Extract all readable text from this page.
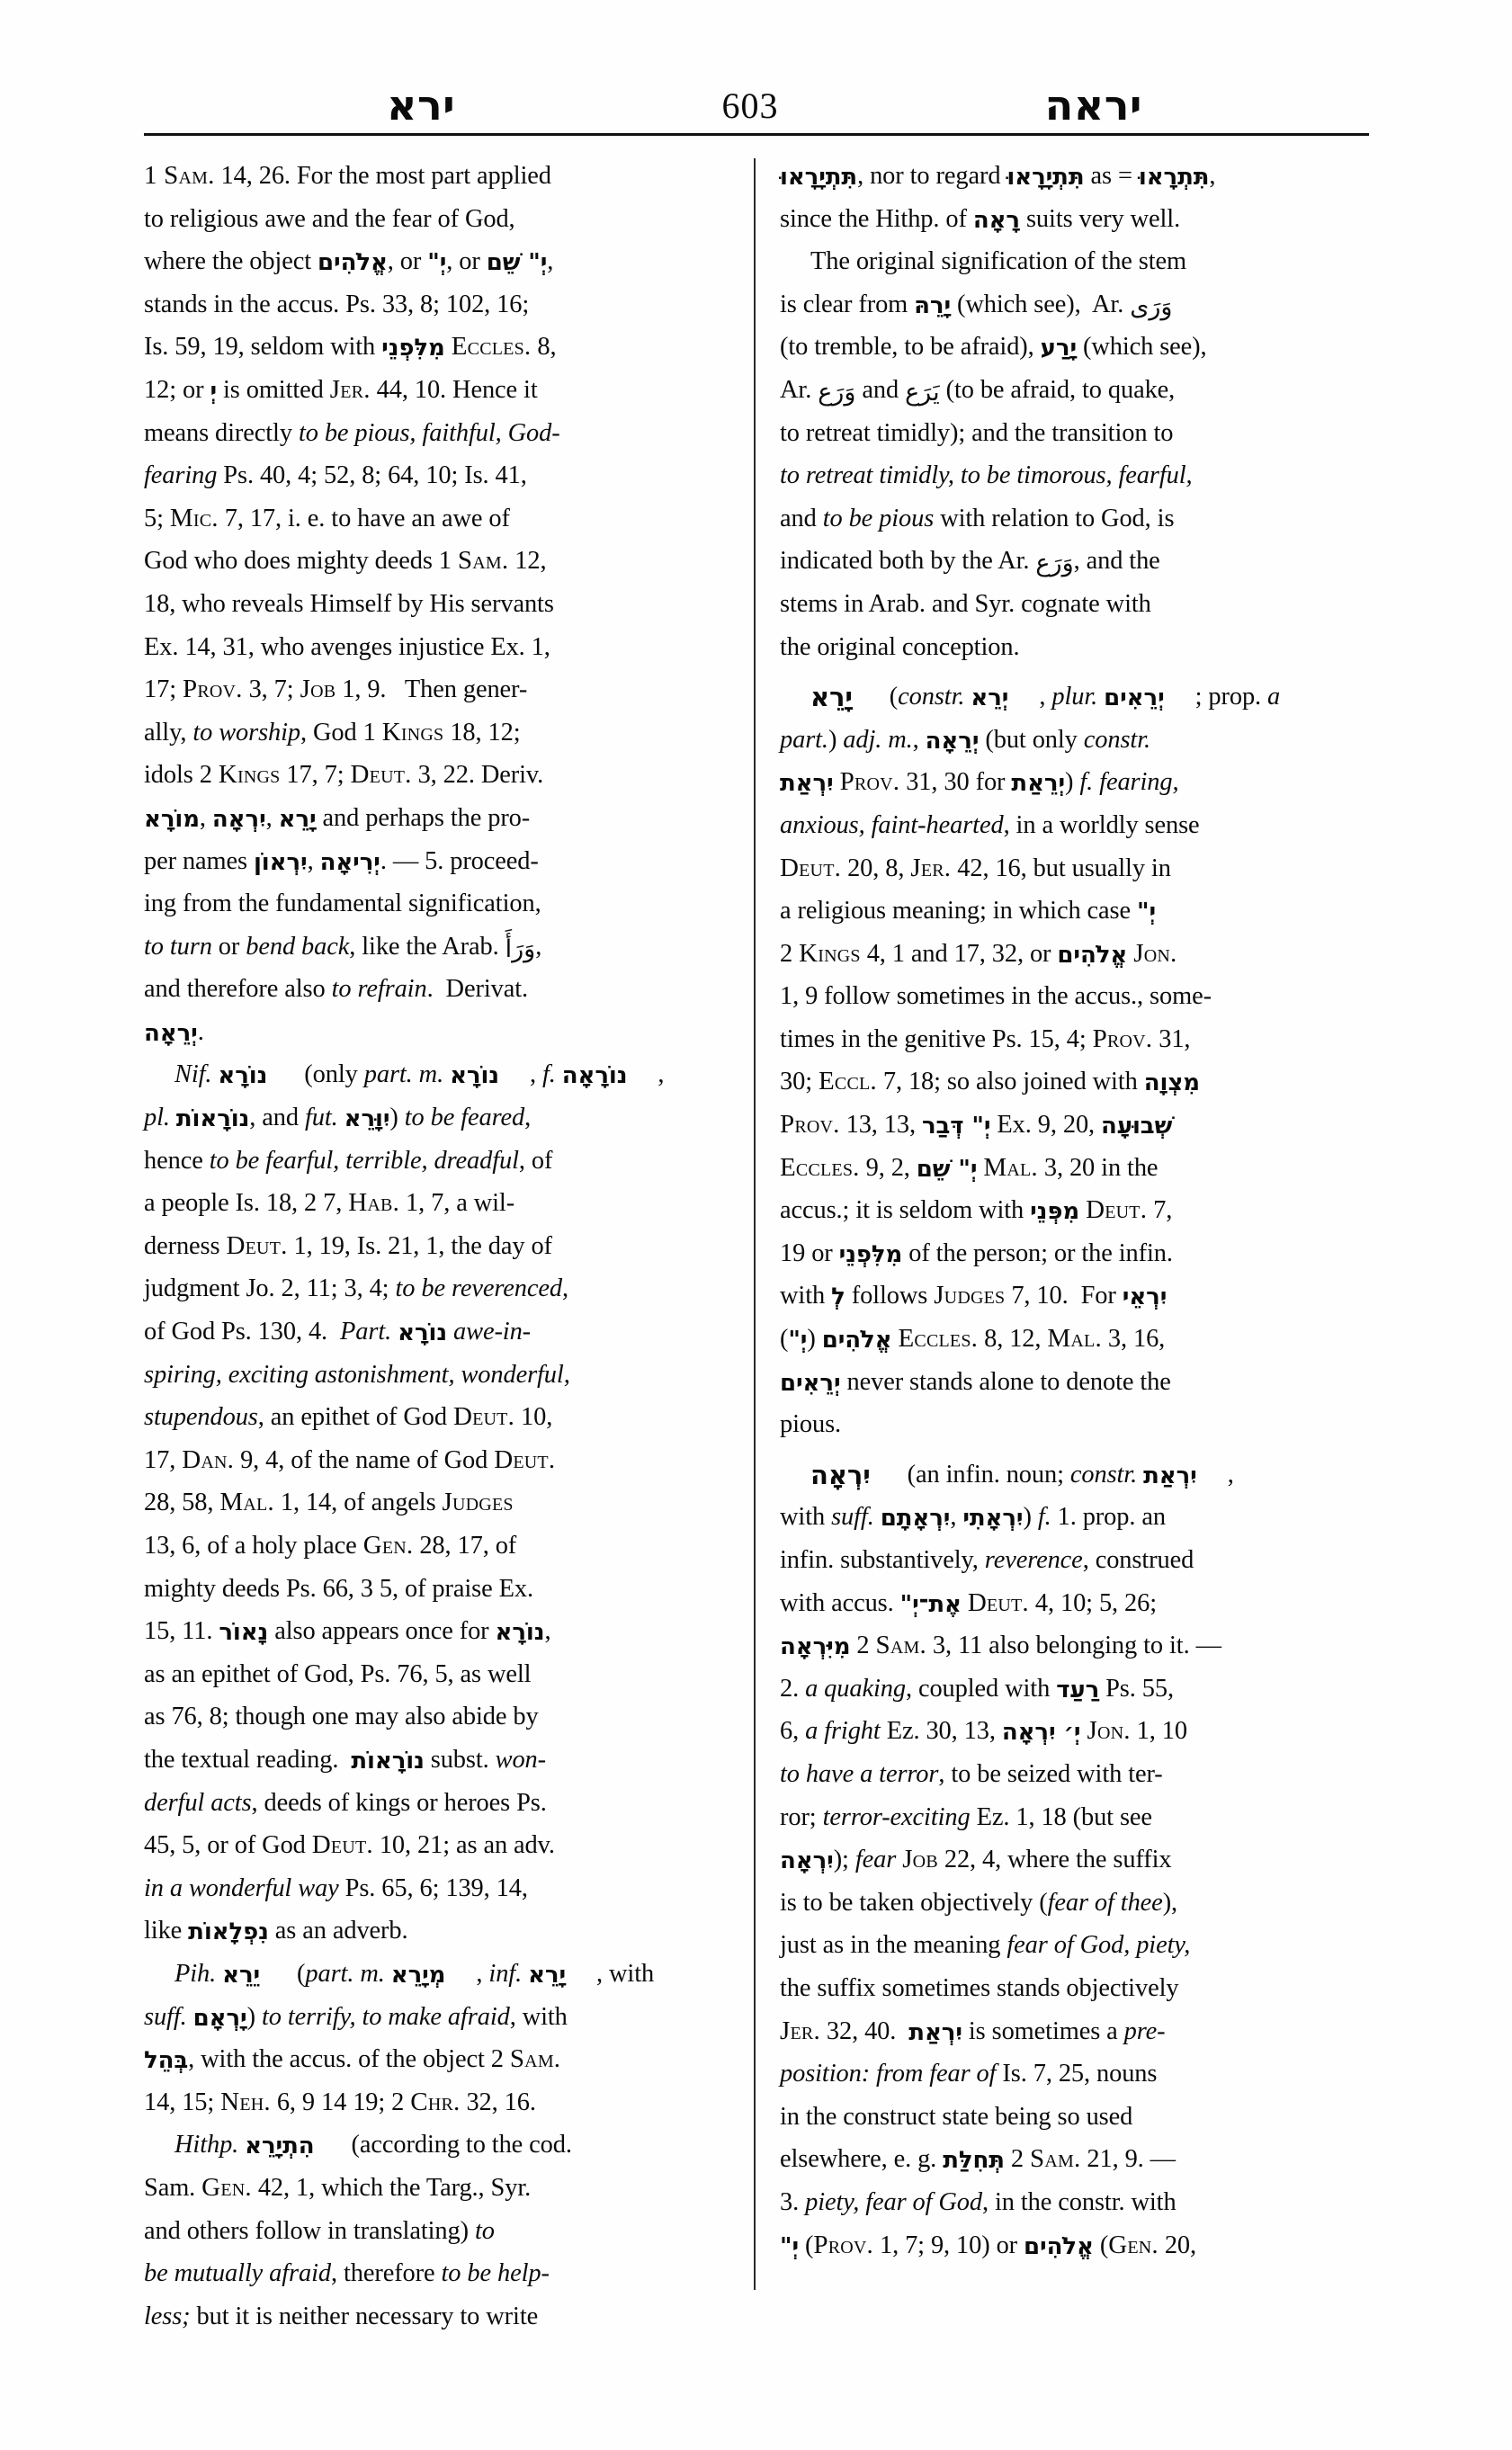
ירא	603	יראה
1 Sam. 14, 26. For the most part applied
to religious awe and the fear of God,
where the object אֱלֹהִים, or יְ", or יְ" שֵׁם,
stands in the accus. Ps. 33, 8; 102, 16;
Is. 59, 19, seldom with מִלִּפְנֵי Eccles. 8,
12; or יְ is omitted Jer. 44, 10. Hence it
means directly to be pious, faithful, God-
fearing Ps. 40, 4; 52, 8; 64, 10; Is. 41,
5; Mic. 7, 17, i. e. to have an awe of
God who does mighty deeds 1 Sam. 12,
18, who reveals Himself by His servants
Ex. 14, 31, who avenges injustice Ex. 1,
17; Prov. 3, 7; Job 1, 9.   Then gener-
ally, to worship, God 1 Kings 18, 12;
idols 2 Kings 17, 7; Deut. 3, 22. Deriv.
מוֹרָא, יִרְאָה, יָרֵא and perhaps the pro-
per names יִרְאוֹן, יְרִיאָה. — 5. proceed-
ing from the fundamental signification,
to turn or bend back, like the Arab. وَرَأَ,
and therefore also to refrain.  Derivat.
יְרֵאָה.
Nif. נוֹרָא (only part. m. נוֹרָא , f. נוֹרָאָה ,
pl. נוֹרָאוֹת, and fut. יִוָּרֵא) to be feared,
hence to be fearful, terrible, dreadful, of
a people Is. 18, 2 7, Hab. 1, 7, a wil-
derness Deut. 1, 19, Is. 21, 1, the day of
judgment Jo. 2, 11; 3, 4; to be reverenced,
of God Ps. 130, 4.  Part. נוֹרָא awe-in-
spiring, exciting astonishment, wonderful,
stupendous, an epithet of God Deut. 10,
17, Dan. 9, 4, of the name of God Deut.
28, 58, Mal. 1, 14, of angels Judges
13, 6, of a holy place Gen. 28, 17, of
mighty deeds Ps. 66, 3 5, of praise Ex.
15, 11. נָאוֹר also appears once for נוֹרָא,
as an epithet of God, Ps. 76, 5, as well
as 76, 8; though one may also abide by
the textual reading.  נוֹרָאוֹת subst. won-
derful acts, deeds of kings or heroes Ps.
45, 5, or of God Deut. 10, 21; as an adv.
in a wonderful way Ps. 65, 6; 139, 14,
like נִפְלָאוֹת as an adverb.
Pih. יֵרֵא (part. m. מְיָרֵא , inf. יָרֵא , with
suff. יָרְאָם) to terrify, to make afraid, with
בְּהֵל, with the accus. of the object 2 Sam.
14, 15; Neh. 6, 9 14 19; 2 Chr. 32, 16.
Hithp. הִתְיָרֵא (according to the cod.
Sam. Gen. 42, 1, which the Targ., Syr.
and others follow in translating) to
be mutually afraid, therefore to be help-
less; but it is neither necessary to write
תִּתְיָרָאוּ, nor to regard תִּתְיָרָאוּ as = תִּתְרָאוּ,
since the Hithp. of רָאָה suits very well.
The original signification of the stem
is clear from יָרֵהּ (which see),  Ar. وَرَى
(to tremble, to be afraid), יָרַע (which see),
Ar. وَرَع and يَرَع (to be afraid, to quake,
to retreat timidly); and the transition to
to retreat timidly, to be timorous, fearful,
and to be pious with relation to God, is
indicated both by the Ar. وَرَع, and the
stems in Arab. and Syr. cognate with
the original conception.
יָרֵא (constr. יְרֵא , plur. יְרֵאִים ; prop. a
part.) adj. m., יְרֵאָה (but only constr.
יִרְאַת Prov. 31, 30 for יְרֵאַת) f. fearing,
anxious, faint-hearted, in a worldly sense
Deut. 20, 8, Jer. 42, 16, but usually in
a religious meaning; in which case יְ"
2 Kings 4, 1 and 17, 32, or אֱלֹהִים Jon.
1, 9 follow sometimes in the accus., some-
times in the genitive Ps. 15, 4; Prov. 31,
30; Eccl. 7, 18; so also joined with מִצְוָה
Prov. 13, 13, יְ" דְּבַר Ex. 9, 20, שְׁבוּעָה
Eccles. 9, 2, יְ" שֵׁם Mal. 3, 20 in the
accus.; it is seldom with מִפְּנֵי Deut. 7,
19 or מִלִּפְנֵי of the person; or the infin.
with לְ follows Judges 7, 10.  For יִרְאֵי
(יְ") אֱלֹהִים Eccles. 8, 12, Mal. 3, 16,
יְרֵאִים never stands alone to denote the
pious.
יִרְאָה (an infin. noun; constr. יִרְאַת ,
with suff. יִרְאָתָם, יִרְאָתִי) f. 1. prop. an
infin. substantively, reverence, construed
with accus. אֶת־יְ" Deut. 4, 10; 5, 26;
מִיִּרְאָה 2 Sam. 3, 11 also belonging to it. —
2. a quaking, coupled with רַעַד Ps. 55,
6, a fright Ez. 30, 13, יְ׳ יִרְאָה Jon. 1, 10
to have a terror, to be seized with ter-
ror; terror-exciting Ez. 1, 18 (but see
יִרְאָה); fear Job 22, 4, where the suffix
is to be taken objectively (fear of thee),
just as in the meaning fear of God, piety,
the suffix sometimes stands objectively
Jer. 32, 40.  יִרְאַת is sometimes a pre-
position: from fear of Is. 7, 25, nouns
in the construct state being so used
elsewhere, e. g. תְּחִלַּת 2 Sam. 21, 9. —
3. piety, fear of God, in the constr. with
יְ" (Prov. 1, 7; 9, 10) or אֱלֹהִים (Gen. 20,
